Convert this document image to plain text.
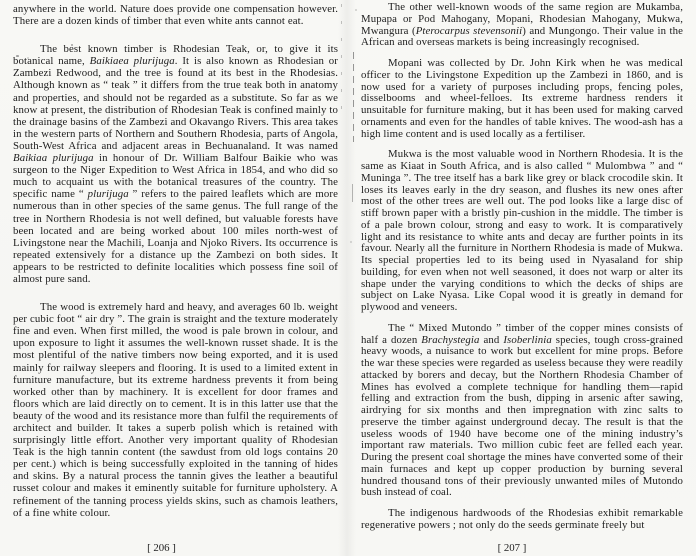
anywhere in the world. Nature does provide one compensation however. There are a dozen kinds of timber that even white ants cannot eat.

The best known timber is Rhodesian Teak, or, to give it its botanical name, Baikiaea plurijuga. It is also known as Rhodesian or Zambezi Redwood, and the tree is found at its best in the Rhodesias. Although known as “ teak ” it differs from the true teak both in anatomy and properties, and should not be regarded as a substitute. So far as we know at present, the distribution of Rhodesian Teak is confined mainly to the drainage basins of the Zambezi and Okavango Rivers. This area takes in the western parts of Northern and Southern Rhodesia, parts of Angola, South-West Africa and adjacent areas in Bechuanaland. It was named Baikiaa plurijuga in honour of Dr. William Balfour Baikie who was surgeon to the Niger Expedition to West Africa in 1854, and who did so much to acquaint us with the botanical treasures of the country. The specific name “ plurijuga ” refers to the paired leaflets which are more numerous than in other species of the same genus. The full range of the tree in Northern Rhodesia is not well defined, but valuable forests have been located and are being worked about 100 miles north-west of Livingstone near the Machili, Loanja and Njoko Rivers. Its occurrence is repeated extensively for a distance up the Zambezi on both sides. It appears to be restricted to definite localities which possess fine soil of almost pure sand.

The wood is extremely hard and heavy, and averages 60 lb. weight per cubic foot “ air dry ”. The grain is straight and the texture moderately fine and even. When first milled, the wood is pale brown in colour, and upon exposure to light it assumes the well-known russet shade. It is the most plentiful of the native timbers now being exported, and it is used mainly for railway sleepers and flooring. It is used to a limited extent in furniture manufacture, but its extreme hardness prevents it from being worked other than by machinery. It is excellent for door frames and floors which are laid directly on to cement. It is in this latter use that the beauty of the wood and its resistance more than fulfil the requirements of architect and builder. It takes a superb polish which is retained with surprisingly little effort. Another very important quality of Rhodesian Teak is the high tannin content (the sawdust from old logs contains 20 per cent.) which is being successfully exploited in the tanning of hides and skins. By a natural process the tannin gives the leather a beautiful russet colour and makes it eminently suitable for furniture upholstery. A refinement of the tanning process yields skins, such as chamois leathers, of a fine white colour.

[ 206 ]

The other well-known woods of the same region are Mukamba, Mupapa or Pod Mahogany, Mopani, Rhodesian Mahogany, Mukwa, Mwangura (Pterocarpus stevensonii) and Mungongo. Their value in the African and overseas markets is being increasingly recognised.

Mopani was collected by Dr. John Kirk when he was medical officer to the Livingstone Expedition up the Zambezi in 1860, and is now used for a variety of purposes including props, fencing poles, disselbooms and wheel-felloes. Its extreme hardness renders it unsuitable for furniture making, but it has been used for making carved ornaments and even for the handles of table knives. The wood-ash has a high lime content and is used locally as a fertiliser.

Mukwa is the most valuable wood in Northern Rhodesia. It is the same as Kiaat in South Africa, and is also called “ Mulombwa ” and “ Muninga ”. The tree itself has a bark like grey or black crocodile skin. It loses its leaves early in the dry season, and flushes its new ones after most of the other trees are well out. The pod looks like a large disc of stiff brown paper with a bristly pin-cushion in the middle. The timber is of a pale brown colour, strong and easy to work. It is comparatively light and its resistance to white ants and decay are further points in its favour. Nearly all the furniture in Northern Rhodesia is made of Mukwa. Its special properties led to its being used in Nyasaland for ship building, for even when not well seasoned, it does not warp or alter its shape under the varying conditions to which the decks of ships are subject on Lake Nyasa. Like Copal wood it is greatly in demand for plywood and veneers.

The “ Mixed Mutondo ” timber of the copper mines consists of half a dozen Brachystegia and Isoberlinia species, tough cross-grained heavy woods, a nuisance to work but excellent for mine props. Before the war these species were regarded as useless because they were readily attacked by borers and decay, but the Northern Rhodesia Chamber of Mines has evolved a complete technique for handling them—rapid felling and extraction from the bush, dipping in arsenic after sawing, airdrying for six months and then impregnation with zinc salts to preserve the timber against underground decay. The result is that the useless woods of 1940 have become one of the mining industry’s important raw materials. Two million cubic feet are felled each year. During the present coal shortage the mines have converted some of their main furnaces and kept up copper production by burning several hundred thousand tons of their previously unwanted miles of Mutondo bush instead of coal.

The indigenous hardwoods of the Rhodesias exhibit remarkable regenerative powers ; not only do the seeds germinate freely but

[ 207 ]
